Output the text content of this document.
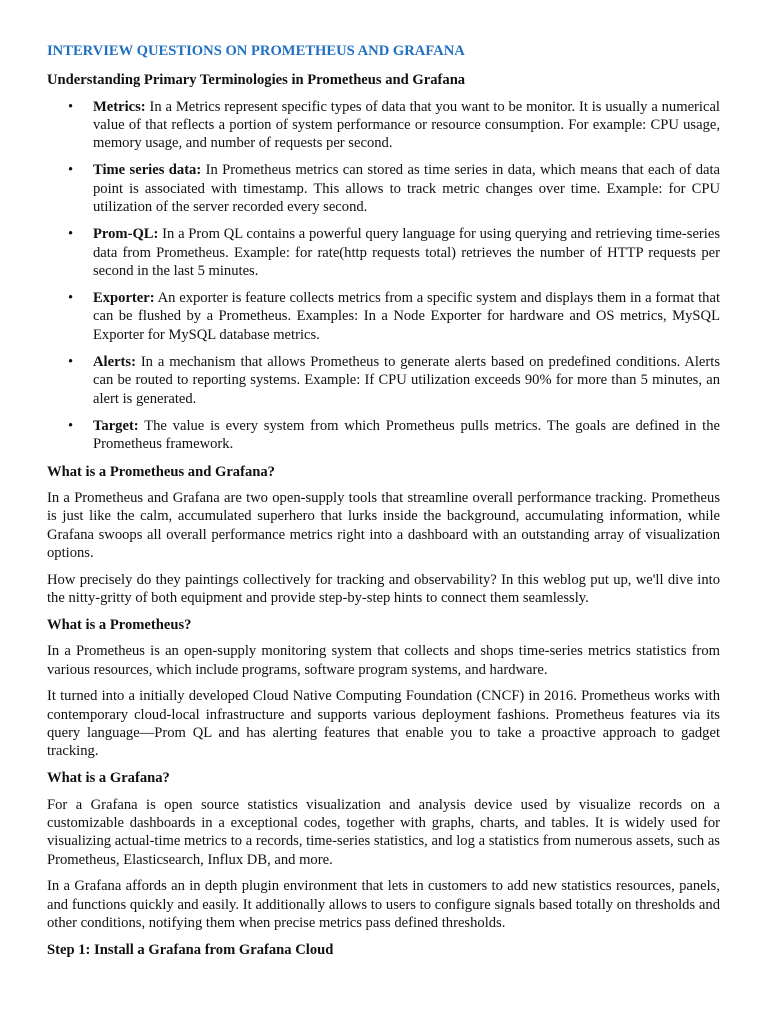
INTERVIEW QUESTIONS ON PROMETHEUS AND GRAFANA
Understanding Primary Terminologies in Prometheus and Grafana
• Metrics: In a Metrics represent specific types of data that you want to be monitor. It is usually a numerical value of that reflects a portion of system performance or resource consumption. For example: CPU usage, memory usage, and number of requests per second.
• Time series data: In Prometheus metrics can stored as time series in data, which means that each of data point is associated with timestamp. This allows to track metric changes over time. Example: for CPU utilization of the server recorded every second.
• Prom-QL: In a Prom QL contains a powerful query language for using querying and retrieving time-series data from Prometheus. Example: for rate(http requests total) retrieves the number of HTTP requests per second in the last 5 minutes.
• Exporter: An exporter is feature collects metrics from a specific system and displays them in a format that can be flushed by a Prometheus. Examples: In a Node Exporter for hardware and OS metrics, MySQL Exporter for MySQL database metrics.
• Alerts: In a mechanism that allows Prometheus to generate alerts based on predefined conditions. Alerts can be routed to reporting systems. Example: If CPU utilization exceeds 90% for more than 5 minutes, an alert is generated.
• Target: The value is every system from which Prometheus pulls metrics. The goals are defined in the Prometheus framework.
What is a Prometheus and Grafana?

In a Prometheus and Grafana are two open-supply tools that streamline overall performance tracking. Prometheus is just like the calm, accumulated superhero that lurks inside the background, accumulating information, while Grafana swoops all overall performance metrics right into a dashboard with an outstanding array of visualization options.

How precisely do they paintings collectively for tracking and observability? In this weblog put up, we'll dive into the nitty-gritty of both equipment and provide step-by-step hints to connect them seamlessly.

What is a Prometheus?

In a Prometheus is an open-supply monitoring system that collects and shops time-series metrics statistics from various resources, which include programs, software program systems, and hardware.

It turned into a initially developed Cloud Native Computing Foundation (CNCF) in 2016. Prometheus works with contemporary cloud-local infrastructure and supports various deployment fashions. Prometheus features via its query language—Prom QL and has alerting features that enable you to take a proactive approach to gadget tracking.

What is a Grafana?

For a Grafana is open source statistics visualization and analysis device used by visualize records on a customizable dashboards in a exceptional codes, together with graphs, charts, and tables. It is widely used for visualizing actual-time metrics to a records, time-series statistics, and log a statistics from numerous assets, such as Prometheus, Elasticsearch, Influx DB, and more.

In a Grafana affords an in depth plugin environment that lets in customers to add new statistics resources, panels, and functions quickly and easily. It additionally allows to users to configure signals based totally on thresholds and other conditions, notifying them when precise metrics pass defined thresholds.

Step 1: Install a Grafana from Grafana Cloud
